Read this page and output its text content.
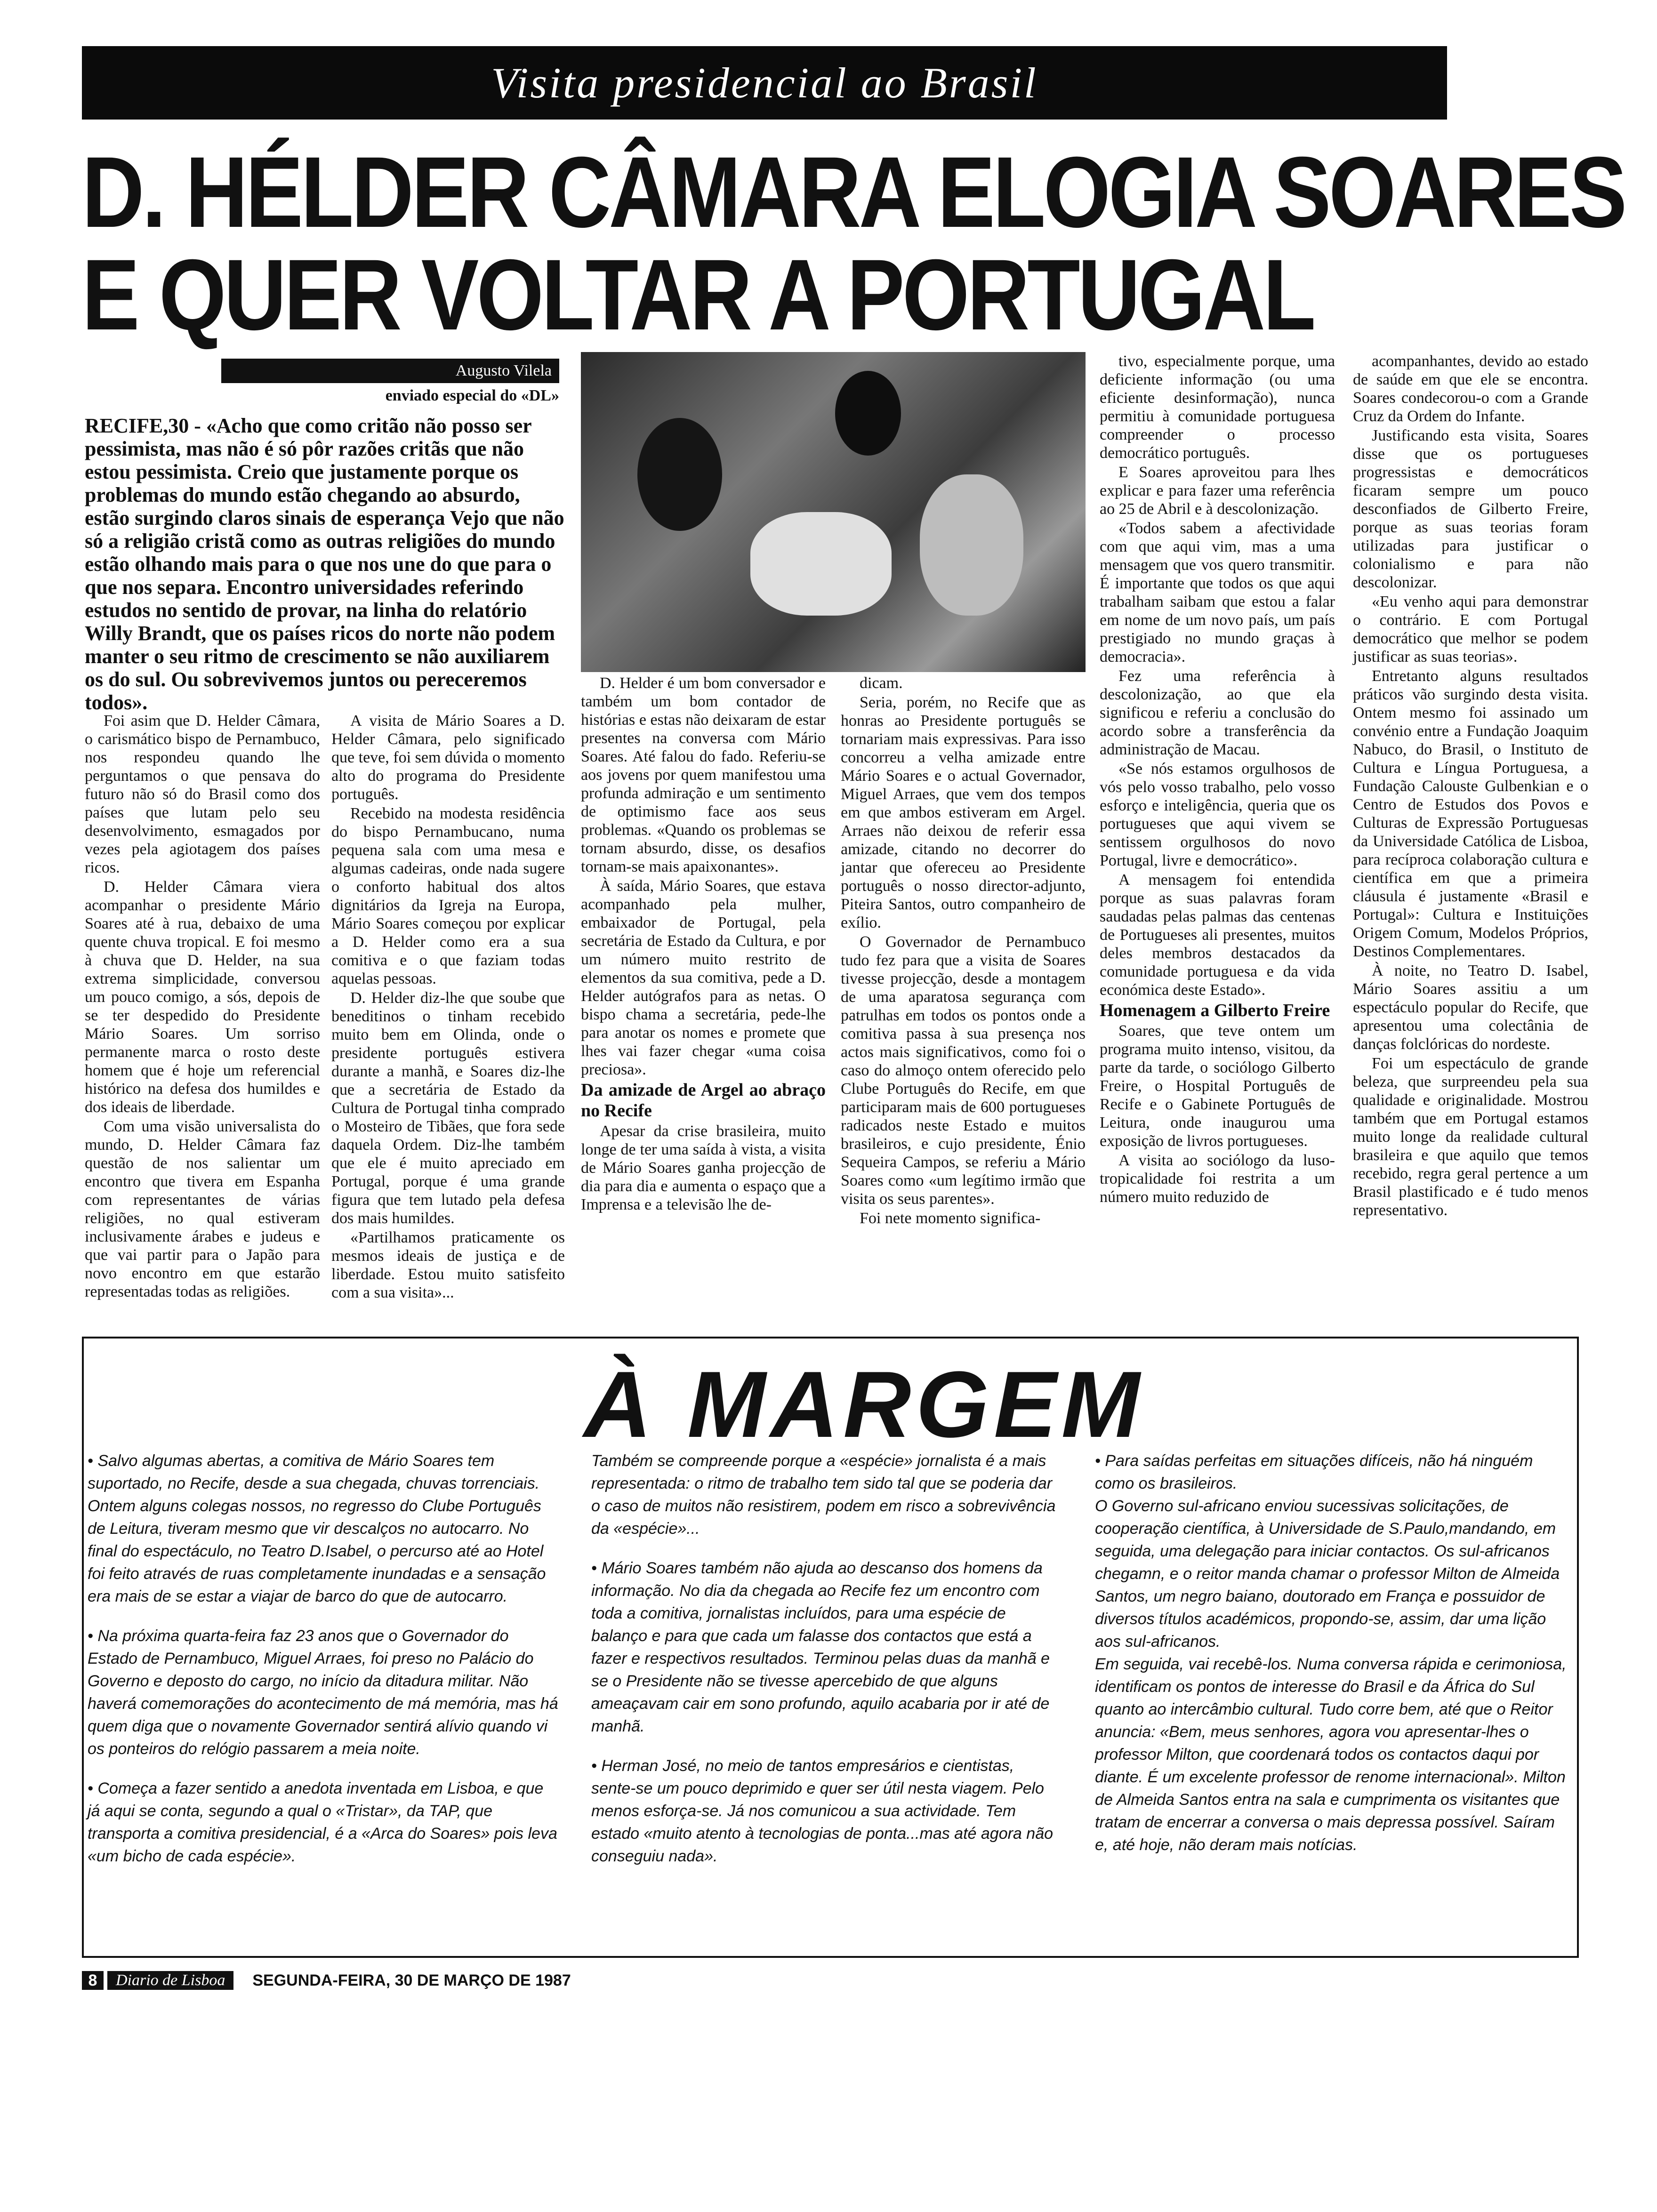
Visita presidencial ao Brasil
D. HÉLDER CÂMARA ELOGIA SOARES
E QUER VOLTAR A PORTUGAL
Augusto Vilela
enviado especial do «DL»
RECIFE,30 - «Acho que como critão não posso ser pessimista, mas não é só pôr razões critãs que não estou pessimista. Creio que justamente porque os problemas do mundo estão chegando ao absurdo, estão surgindo claros sinais de esperança Vejo que não só a religião cristã como as outras religiões do mundo estão olhando mais para o que nos une do que para o que nos separa. Encontro universidades referindo estudos no sentido de provar, na linha do relatório Willy Brandt, que os países ricos do norte não podem manter o seu ritmo de crescimento se não auxiliarem os do sul. Ou sobrevivemos juntos ou pereceremos todos».

Foi asim que D. Helder Câmara, o carismático bispo de Pernambuco, nos respondeu quando lhe perguntamos o que pensava do futuro não só do Brasil como dos países que lutam pelo seu desenvolvimento, esmagados por vezes pela agiotagem dos países ricos.

D. Helder Câmara viera acompanhar o presidente Mário Soares até à rua, debaixo de uma quente chuva tropical. E foi mesmo à chuva que D. Helder, na sua extrema simplicidade, conversou um pouco comigo, a sós, depois de se ter despedido do Presidente Mário Soares. Um sorriso permanente marca o rosto deste homem que é hoje um referencial histórico na defesa dos humildes e dos ideais de liberdade.

Com uma visão universalista do mundo, D. Helder Câmara faz questão de nos salientar um encontro que tivera em Espanha com representantes de várias religiões, no qual estiveram inclusivamente árabes e judeus e que vai partir para o Japão para novo encontro em que estarão representadas todas as religiões.

A visita de Mário Soares a D. Helder Câmara, pelo significado que teve, foi sem dúvida o momento alto do programa do Presidente português.

Recebido na modesta residência do bispo Pernambucano, numa pequena sala com uma mesa e algumas cadeiras, onde nada sugere o conforto habitual dos altos dignitários da Igreja na Europa, Mário Soares começou por explicar a D. Helder como era a sua comitiva e o que faziam todas aquelas pessoas.

D. Helder diz-lhe que soube que beneditinos o tinham recebido muito bem em Olinda, onde o presidente português estivera durante a manhã, e Soares diz-lhe que a secretária de Estado da Cultura de Portugal tinha comprado o Mosteiro de Tibães, que fora sede daquela Ordem. Diz-lhe também que ele é muito apreciado em Portugal, porque é uma grande figura que tem lutado pela defesa dos mais humildes.

«Partilhamos praticamente os mesmos ideais de justiça e de liberdade. Estou muito satisfeito com a sua visita»...

D. Helder é um bom conversador e também um bom contador de histórias e estas não deixaram de estar presentes na conversa com Mário Soares. Até falou do fado. Referiu-se aos jovens por quem manifestou uma profunda admiração e um sentimento de optimismo face aos seus problemas. «Quando os problemas se tornam absurdo, disse, os desafios tornam-se mais apaixonantes».

À saída, Mário Soares, que estava acompanhado pela mulher, embaixador de Portugal, pela secretária de Estado da Cultura, e por um número muito restrito de elementos da sua comitiva, pede a D. Helder autógrafos para as netas. O bispo chama a secretária, pede-lhe para anotar os nomes e promete que lhes vai fazer chegar «uma coisa preciosa».

Da amizade de Argel ao abraço no Recife

Apesar da crise brasileira, muito longe de ter uma saída à vista, a visita de Mário Soares ganha projecção de dia para dia e aumenta o espaço que a Imprensa e a televisão lhe de-

dicam.

Seria, porém, no Recife que as honras ao Presidente português se tornariam mais expressivas. Para isso concorreu a velha amizade entre Mário Soares e o actual Governador, Miguel Arraes, que vem dos tempos em que ambos estiveram em Argel. Arraes não deixou de referir essa amizade, citando no decorrer do jantar que ofereceu ao Presidente português o nosso director-adjunto, Piteira Santos, outro companheiro de exílio.

O Governador de Pernambuco tudo fez para que a visita de Soares tivesse projecção, desde a montagem de uma aparatosa segurança com patrulhas em todos os pontos onde a comitiva passa à sua presença nos actos mais significativos, como foi o caso do almoço ontem oferecido pelo Clube Português do Recife, em que participaram mais de 600 portugueses radicados neste Estado e muitos brasileiros, e cujo presidente, Énio Sequeira Campos, se referiu a Mário Soares como «um legítimo irmão que visita os seus parentes».

Foi nete momento significa-

tivo, especialmente porque, uma deficiente informação (ou uma eficiente desinformação), nunca permitiu à comunidade portuguesa compreender o processo democrático português.

E Soares aproveitou para lhes explicar e para fazer uma referência ao 25 de Abril e à descolonização.

«Todos sabem a afectividade com que aqui vim, mas a uma mensagem que vos quero transmitir. É importante que todos os que aqui trabalham saibam que estou a falar em nome de um novo país, um país prestigiado no mundo graças à democracia».

Fez uma referência à descolonização, ao que ela significou e referiu a conclusão do acordo sobre a transferência da administração de Macau.

«Se nós estamos orgulhosos de vós pelo vosso trabalho, pelo vosso esforço e inteligência, queria que os portugueses que aqui vivem se sentissem orgulhosos do novo Portugal, livre e democrático».

A mensagem foi entendida porque as suas palavras foram saudadas pelas palmas das centenas de Portugueses ali presentes, muitos deles membros destacados da comunidade portuguesa e da vida económica deste Estado».

Homenagem a Gilberto Freire

Soares, que teve ontem um programa muito intenso, visitou, da parte da tarde, o sociólogo Gilberto Freire, o Hospital Português de Recife e o Gabinete Português de Leitura, onde inaugurou uma exposição de livros portugueses.

A visita ao sociólogo da luso-tropicalidade foi restrita a um número muito reduzido de

acompanhantes, devido ao estado de saúde em que ele se encontra. Soares condecorou-o com a Grande Cruz da Ordem do Infante.

Justificando esta visita, Soares disse que os portugueses progressistas e democráticos ficaram sempre um pouco desconfiados de Gilberto Freire, porque as suas teorias foram utilizadas para justificar o colonialismo e para não descolonizar.

«Eu venho aqui para demonstrar o contrário. E com Portugal democrático que melhor se podem justificar as suas teorias».

Entretanto alguns resultados práticos vão surgindo desta visita. Ontem mesmo foi assinado um convénio entre a Fundação Joaquim Nabuco, do Brasil, o Instituto de Cultura e Língua Portuguesa, a Fundação Calouste Gulbenkian e o Centro de Estudos dos Povos e Culturas de Expressão Portuguesas da Universidade Católica de Lisboa, para recíproca colaboração cultura e científica em que a primeira cláusula é justamente «Brasil e Portugal»: Cultura e Instituições Origem Comum, Modelos Próprios, Destinos Complementares.

À noite, no Teatro D. Isabel, Mário Soares assitiu a um espectáculo popular do Recife, que apresentou uma colectânia de danças folclóricas do nordeste.

Foi um espectáculo de grande beleza, que surpreendeu pela sua qualidade e originalidade. Mostrou também que em Portugal estamos muito longe da realidade cultural brasileira e que aquilo que temos recebido, regra geral pertence a um Brasil plastificado e é tudo menos representativo.

À MARGEM

• Salvo algumas abertas, a comitiva de Mário Soares tem suportado, no Recife, desde a sua chegada, chuvas torrenciais. Ontem alguns colegas nossos, no regresso do Clube Português de Leitura, tiveram mesmo que vir descalços no autocarro. No final do espectáculo, no Teatro D.Isabel, o percurso até ao Hotel foi feito através de ruas completamente inundadas e a sensação era mais de se estar a viajar de barco do que de autocarro.

• Na próxima quarta-feira faz 23 anos que o Governador do Estado de Pernambuco, Miguel Arraes, foi preso no Palácio do Governo e deposto do cargo, no início da ditadura militar. Não haverá comemorações do acontecimento de má memória, mas há quem diga que o novamente Governador sentirá alívio quando vi os ponteiros do relógio passarem a meia noite.

• Começa a fazer sentido a anedota inventada em Lisboa, e que já aqui se conta, segundo a qual o «Tristar», da TAP, que transporta a comitiva presidencial, é a «Arca do Soares» pois leva «um bicho de cada espécie».

Também se compreende porque a «espécie» jornalista é a mais representada: o ritmo de trabalho tem sido tal que se poderia dar o caso de muitos não resistirem, podem em risco a sobrevivência da «espécie»...

• Mário Soares também não ajuda ao descanso dos homens da informação. No dia da chegada ao Recife fez um encontro com toda a comitiva, jornalistas incluídos, para uma espécie de balanço e para que cada um falasse dos contactos que está a fazer e respectivos resultados. Terminou pelas duas da manhã e se o Presidente não se tivesse apercebido de que alguns ameaçavam cair em sono profundo, aquilo acabaria por ir até de manhã.

• Herman José, no meio de tantos empresários e cientistas, sente-se um pouco deprimido e quer ser útil nesta viagem. Pelo menos esforça-se. Já nos comunicou a sua actividade. Tem estado «muito atento à tecnologias de ponta...mas até agora não conseguiu nada».

• Para saídas perfeitas em situações difíceis, não há ninguém como os brasileiros.

O Governo sul-africano enviou sucessivas solicitações, de cooperação científica, à Universidade de S.Paulo,mandando, em seguida, uma delegação para iniciar contactos. Os sul-africanos chegamn, e o reitor manda chamar o professor Milton de Almeida Santos, um negro baiano, doutorado em França e possuidor de diversos títulos académicos, propondo-se, assim, dar uma lição aos sul-africanos.

Em seguida, vai recebê-los. Numa conversa rápida e cerimoniosa, identificam os pontos de interesse do Brasil e da África do Sul quanto ao intercâmbio cultural. Tudo corre bem, até que o Reitor anuncia: «Bem, meus senhores, agora vou apresentar-lhes o professor Milton, que coordenará todos os contactos daqui por diante. É um excelente professor de renome internacional». Milton de Almeida Santos entra na sala e cumprimenta os visitantes que tratam de encerrar a conversa o mais depressa possível. Saíram e, até hoje, não deram mais notícias.

8	Diario de Lisboa	SEGUNDA-FEIRA, 30 DE MARÇO DE 1987
